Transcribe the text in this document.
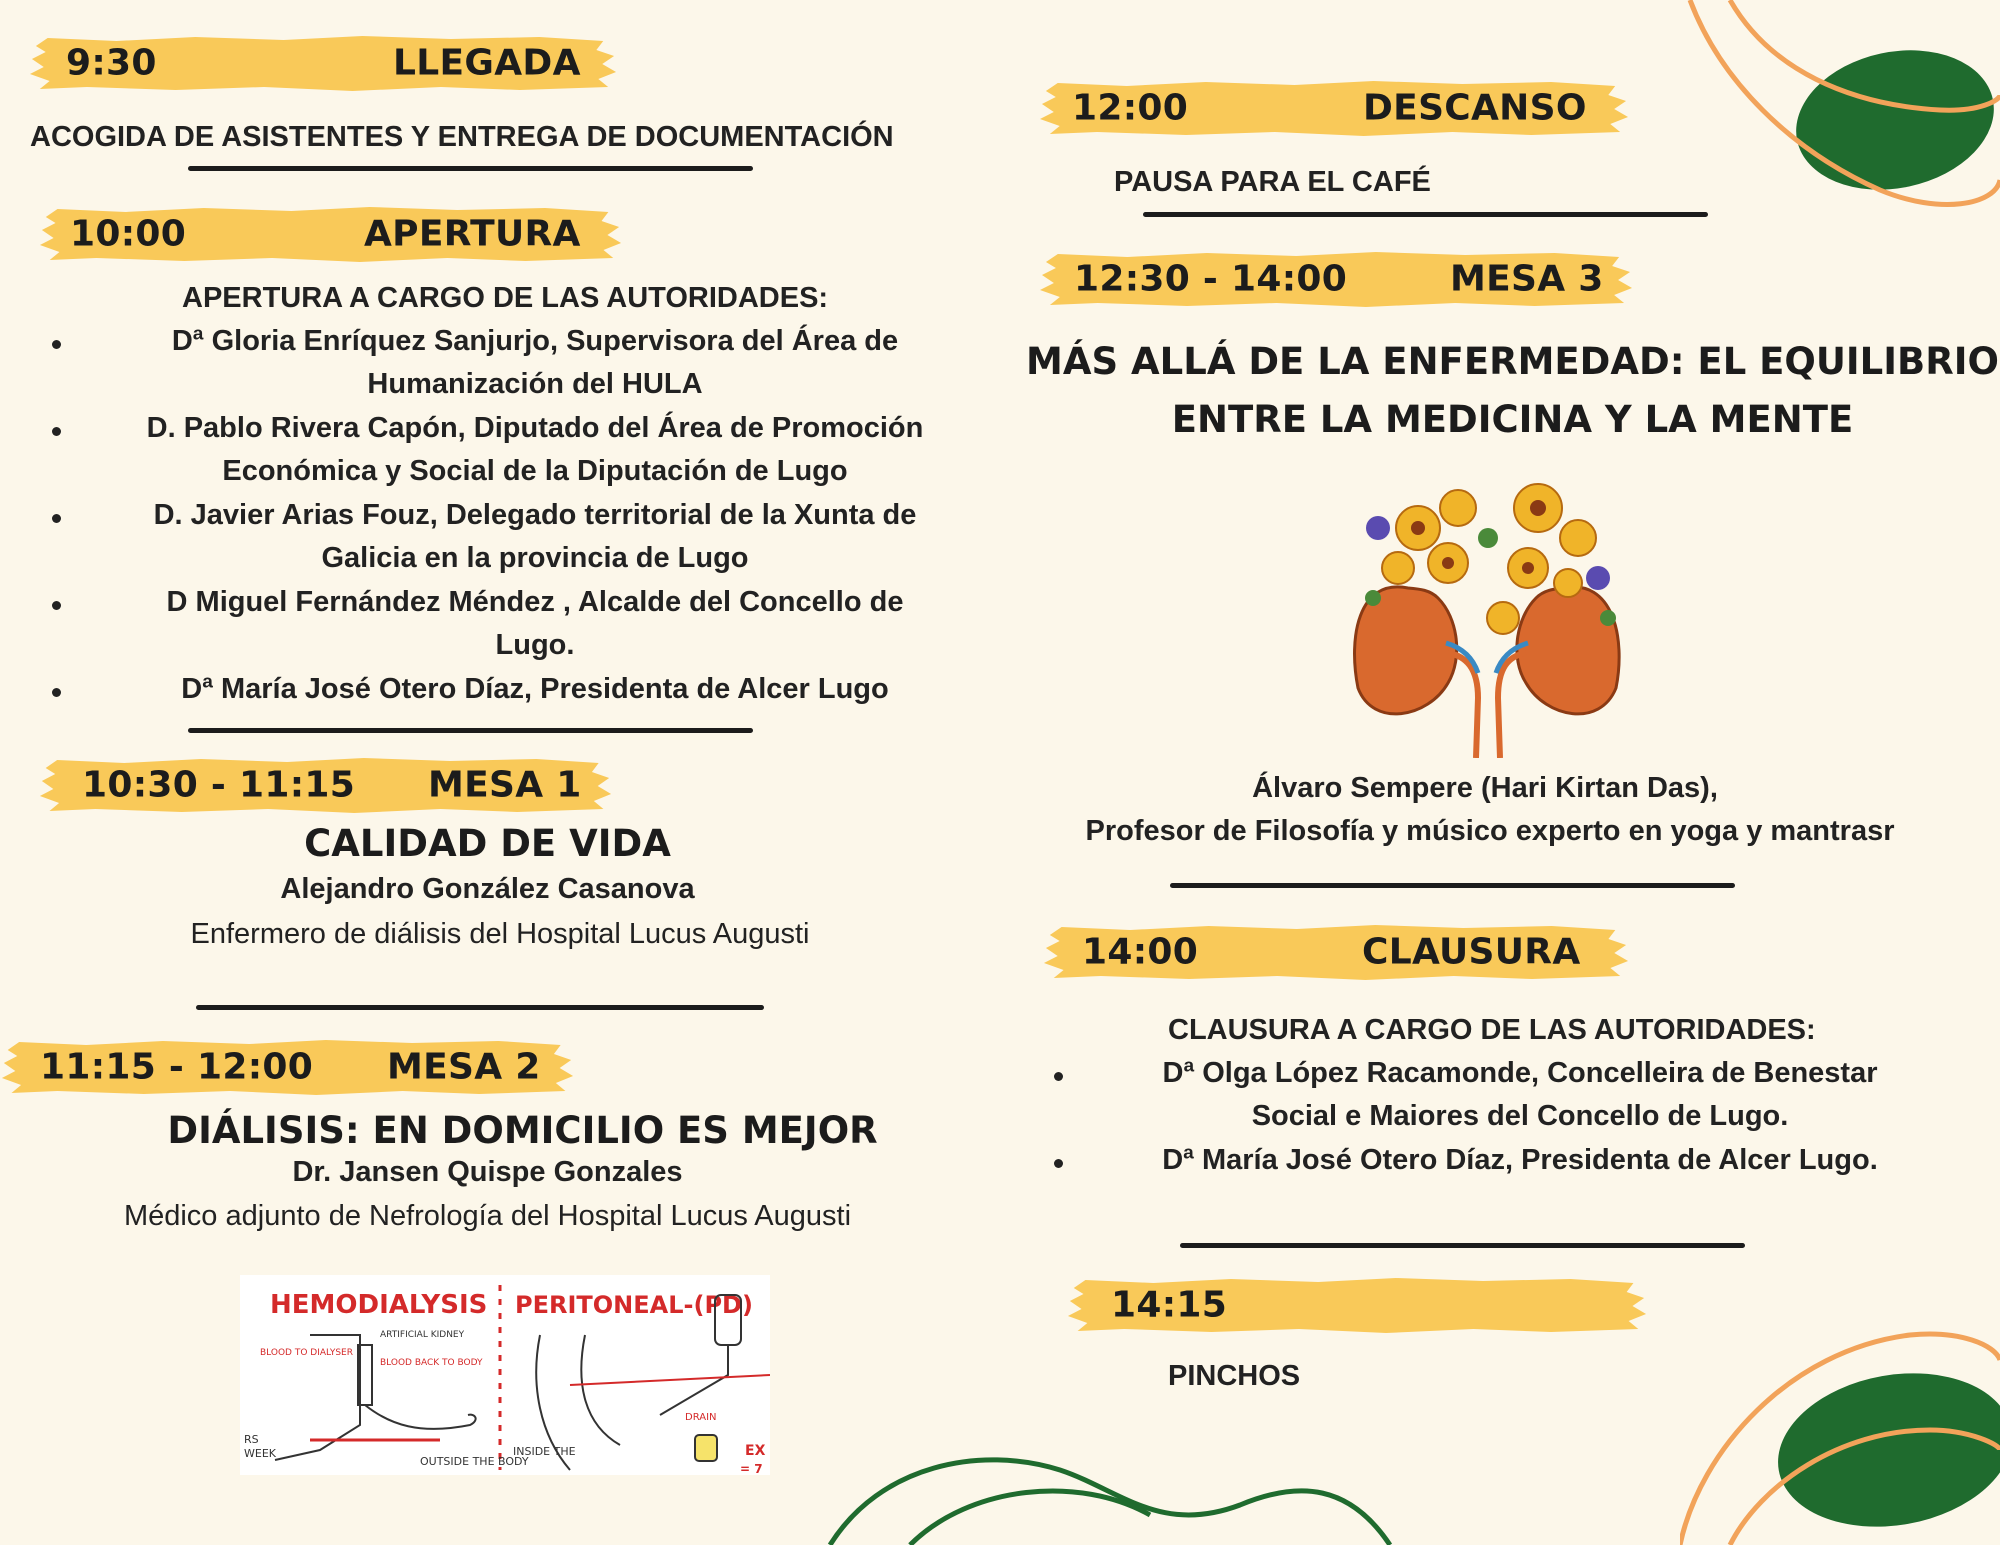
9:30	LLEGADA
ACOGIDA DE ASISTENTES Y ENTREGA DE DOCUMENTACIÓN
10:00	APERTURA
APERTURA A CARGO DE LAS AUTORIDADES:
Dª Gloria Enríquez Sanjurjo, Supervisora del Área de
Humanización del HULA
D. Pablo Rivera Capón, Diputado del Área de Promoción
Económica y Social de la Diputación de Lugo
D. Javier Arias Fouz, Delegado territorial de la Xunta de
Galicia en la provincia de Lugo
D Miguel Fernández Méndez , Alcalde del Concello de
Lugo.
Dª María José Otero Díaz, Presidenta de Alcer Lugo
10:30 - 11:15 MESA 1
CALIDAD DE VIDA
Alejandro González Casanova
Enfermero de diálisis del Hospital Lucus Augusti
11:15 - 12:00 MESA 2
DIÁLISIS: EN DOMICILIO ES MEJOR
Dr. Jansen Quispe Gonzales
Médico adjunto de Nefrología del Hospital Lucus Augusti
HEMODIALYSIS PERITONEAL-(PD)
ARTIFICIAL KIDNEY
BLOOD TO DIALYSER
BLOOD BACK TO BODY
OUTSIDE THE BODY
RS
WEEK
DRAIN
INSIDE THE	EX
= 7
12:00	DESCANSO
PAUSA PARA EL CAFÉ
12:30 - 14:00	MESA 3
MÁS ALLÁ DE LA ENFERMEDAD: EL EQUILIBRIO
ENTRE LA MEDICINA Y LA MENTE
Álvaro Sempere (Hari Kirtan Das),
Profesor de Filosofía y músico experto en yoga y mantrasr
14:00	CLAUSURA
CLAUSURA A CARGO DE LAS AUTORIDADES:
Dª Olga López Racamonde, Concelleira de Benestar
Social e Maiores del Concello de Lugo.
Dª María José Otero Díaz, Presidenta de Alcer Lugo.
14:15
PINCHOS
